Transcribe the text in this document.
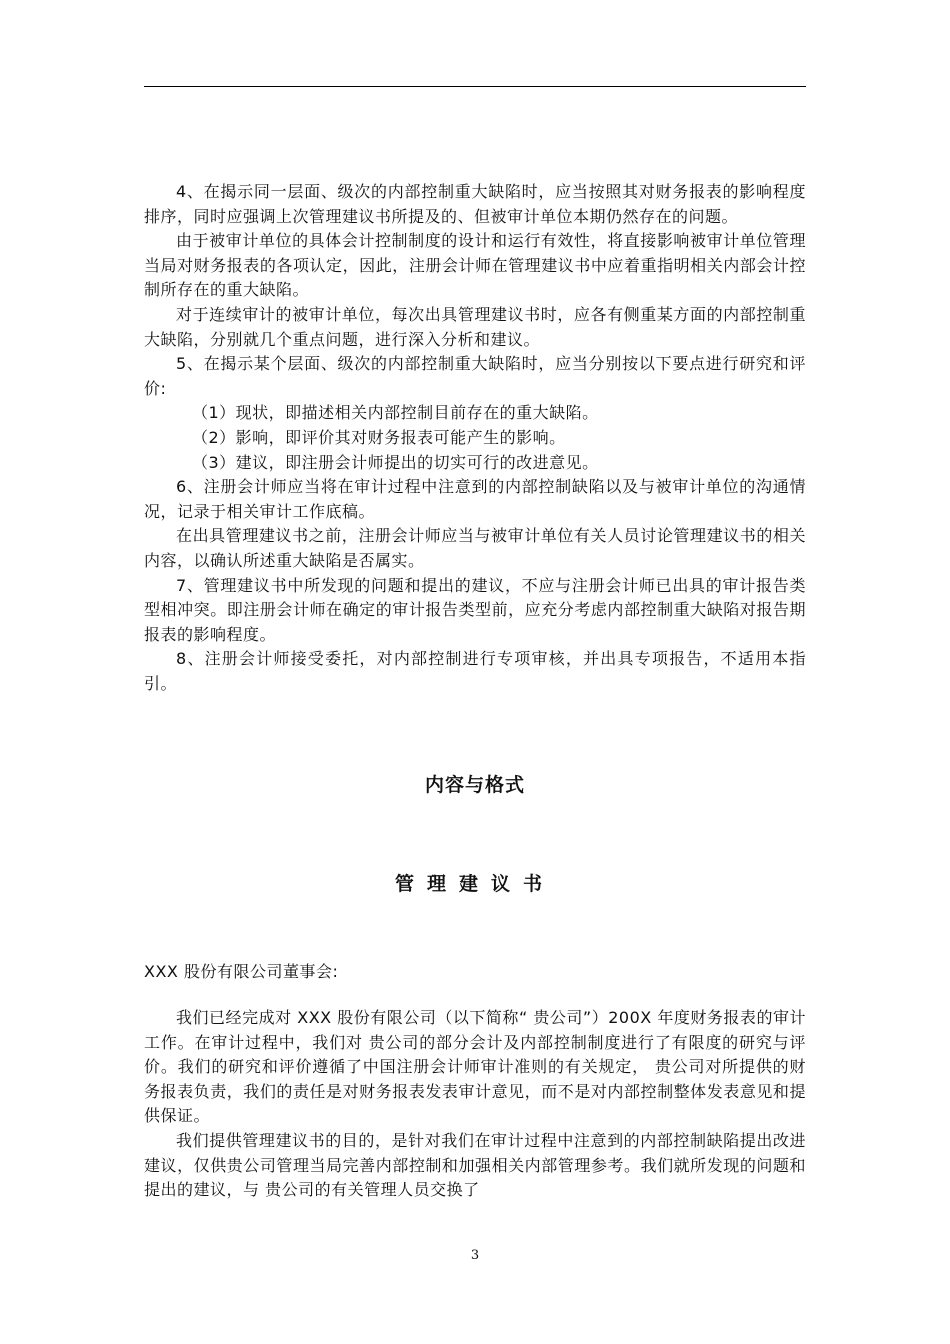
4、在揭示同一层面、级次的内部控制重大缺陷时，应当按照其对财务报表的影响程度排序，同时应强调上次管理建议书所提及的、但被审计单位本期仍然存在的问题。

由于被审计单位的具体会计控制制度的设计和运行有效性，将直接影响被审计单位管理当局对财务报表的各项认定，因此，注册会计师在管理建议书中应着重指明相关内部会计控制所存在的重大缺陷。

对于连续审计的被审计单位，每次出具管理建议书时，应各有侧重某方面的内部控制重大缺陷，分别就几个重点问题，进行深入分析和建议。

5、在揭示某个层面、级次的内部控制重大缺陷时，应当分别按以下要点进行研究和评价:

（1）现状，即描述相关内部控制目前存在的重大缺陷。

（2）影响，即评价其对财务报表可能产生的影响。

（3）建议，即注册会计师提出的切实可行的改进意见。

6、注册会计师应当将在审计过程中注意到的内部控制缺陷以及与被审计单位的沟通情况，记录于相关审计工作底稿。

在出具管理建议书之前，注册会计师应当与被审计单位有关人员讨论管理建议书的相关内容，以确认所述重大缺陷是否属实。

7、管理建议书中所发现的问题和提出的建议，不应与注册会计师已出具的审计报告类型相冲突。即注册会计师在确定的审计报告类型前，应充分考虑内部控制重大缺陷对报告期报表的影响程度。

8、注册会计师接受委托，对内部控制进行专项审核，并出具专项报告，不适用本指引。

内容与格式
管理建议书

XXX 股份有限公司董事会:

我们已经完成对 XXX 股份有限公司（以下简称“ 贵公司”）200X 年度财务报表的审计工作。在审计过程中，我们对 贵公司的部分会计及内部控制制度进行了有限度的研究与评价。我们的研究和评价遵循了中国注册会计师审计准则的有关规定， 贵公司对所提供的财务报表负责，我们的责任是对财务报表发表审计意见，而不是对内部控制整体发表意见和提供保证。

我们提供管理建议书的目的，是针对我们在审计过程中注意到的内部控制缺陷提出改进建议，仅供贵公司管理当局完善内部控制和加强相关内部管理参考。我们就所发现的问题和提出的建议，与 贵公司的有关管理人员交换了

3
